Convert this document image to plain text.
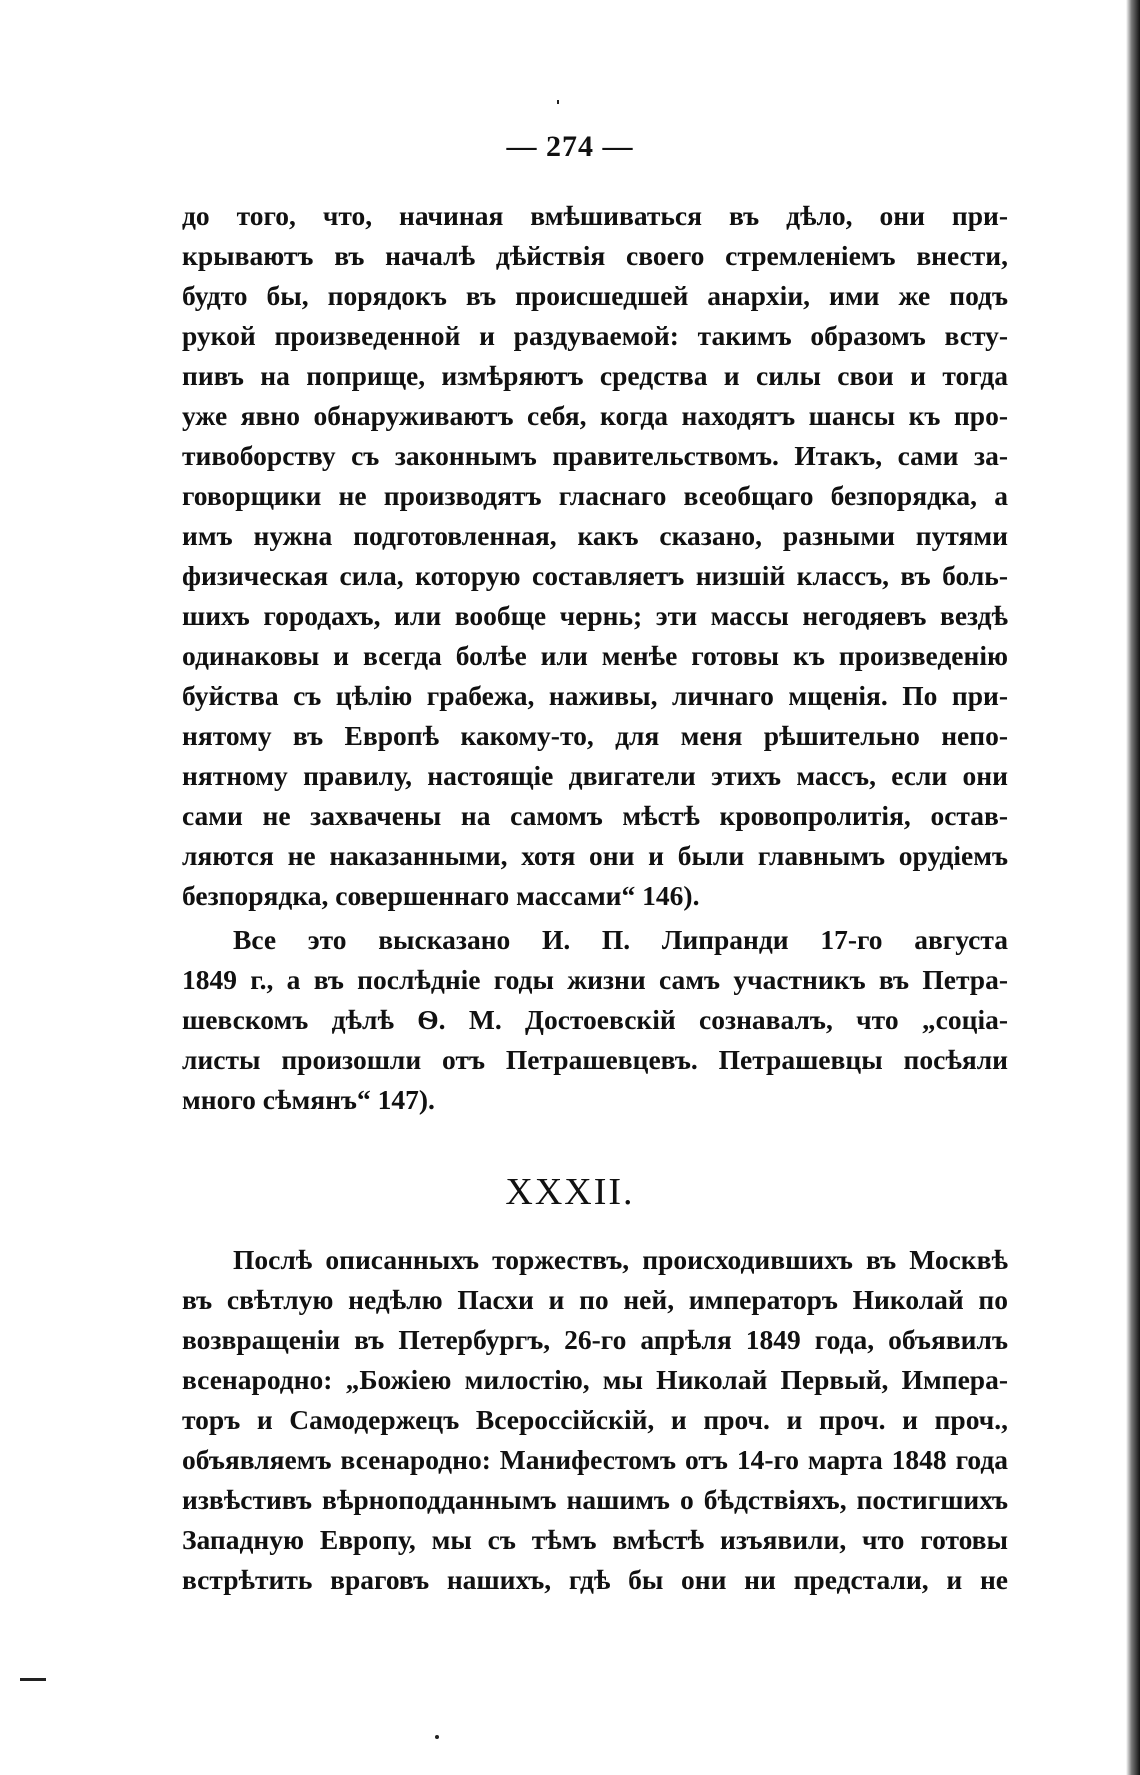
— 274 —
до того, что, начиная вмѣшиваться въ дѣло, они при-
крываютъ въ началѣ дѣйствія своего стремленіемъ внести,
будто бы, порядокъ въ происшедшей анархіи, ими же подъ
рукой произведенной и раздуваемой: такимъ образомъ всту-
пивъ на поприще, измѣряютъ средства и силы свои и тогда
уже явно обнаруживаютъ себя, когда находятъ шансы къ про-
тивоборству съ законнымъ правительствомъ. Итакъ, сами за-
говорщики не производятъ гласнаго всеобщаго безпорядка, а
имъ нужна подготовленная, какъ сказано, разными путями
физическая сила, которую составляетъ низшій классъ, въ боль-
шихъ городахъ, или вообще чернь; эти массы негодяевъ вездѣ
одинаковы и всегда болѣе или менѣе готовы къ произведенію
буйства съ цѣлію грабежа, наживы, личнаго мщенія. По при-
нятому въ Европѣ какому-то, для меня рѣшительно непо-
нятному правилу, настоящіе двигатели этихъ массъ, если они
сами не захвачены на самомъ мѣстѣ кровопролитія, остав-
ляются не наказанными, хотя они и были главнымъ орудіемъ
безпорядка, совершеннаго массами“ 146).
Все это высказано И. П. Липранди 17-го августа
1849 г., а въ послѣдніе годы жизни самъ участникъ въ Петра-
шевскомъ дѣлѣ Ѳ. М. Достоевскій сознавалъ, что „соціа-
листы произошли отъ Петрашевцевъ. Петрашевцы посѣяли
много сѣмянъ“ 147).
XXXII.
Послѣ описанныхъ торжествъ, происходившихъ въ Москвѣ
въ свѣтлую недѣлю Пасхи и по ней, императоръ Николай по
возвращеніи въ Петербургъ, 26-го апрѣля 1849 года, объявилъ
всенародно: „Божіею милостію, мы Николай Первый, Импера-
торъ и Самодержецъ Всероссійскій, и проч. и проч. и проч.,
объявляемъ всенародно: Манифестомъ отъ 14-го марта 1848 года
извѣстивъ вѣрноподданнымъ нашимъ о бѣдствіяхъ, постигшихъ
Западную Европу, мы съ тѣмъ вмѣстѣ изъявили, что готовы
встрѣтить враговъ нашихъ, гдѣ бы они ни предстали, и не
